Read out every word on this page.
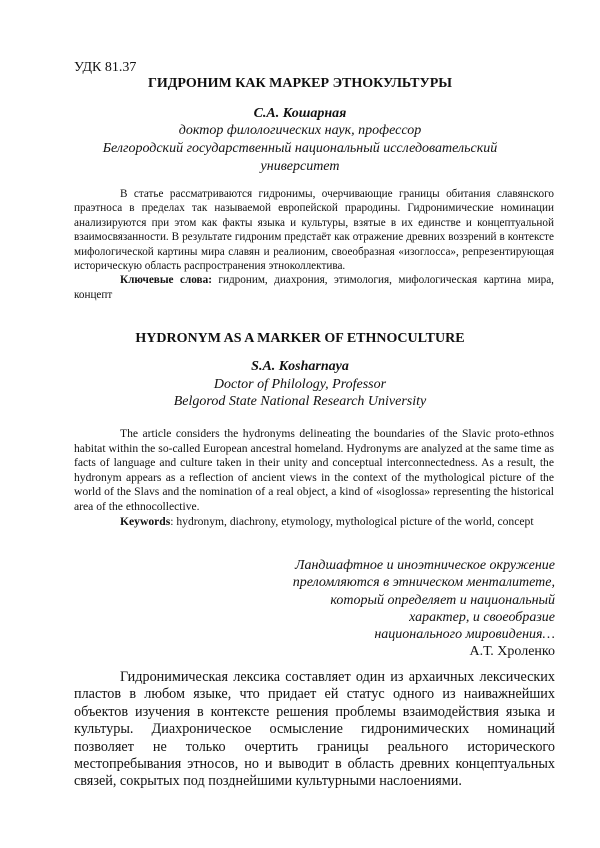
УДК 81.37
ГИДРОНИМ КАК МАРКЕР ЭТНОКУЛЬТУРЫ
С.А. Кошарная
доктор филологических наук, профессор
Белгородский государственный национальный исследовательский
университет

В статье рассматриваются гидронимы, очерчивающие границы обитания славянского праэтноса в пределах так называемой европейской прародины. Гидронимические номинации анализируются при этом как факты языка и культуры, взятые в их единстве и концептуальной взаимосвязанности. В результате гидроним предстаёт как отражение древних воззрений в контексте мифологической картины мира славян и реалионим, своеобразная «изоглосса», репрезентирующая историческую область распространения этноколлектива.

Ключевые слова: гидроним, диахрония, этимология, мифологическая картина мира, концепт

HYDRONYM AS A MARKER OF ETHNOCULTURE
S.A. Kosharnaya
Doctor of Philology, Professor
Belgorod State National Research University

The article considers the hydronyms delineating the boundaries of the Slavic proto-ethnos habitat within the so-called European ancestral homeland. Hydronyms are analyzed at the same time as facts of language and culture taken in their unity and conceptual interconnectedness. As a result, the hydronym appears as a reflection of ancient views in the context of the mythological picture of the world of the Slavs and the nomination of a real object, a kind of «isoglossa» representing the historical area of the ethnocollective.

Keywords: hydronym, diachrony, etymology, mythological picture of the world, concept

Ландшафтное и иноэтническое окружение
преломляются в этническом менталитете,
который определяет и национальный
характер, и своеобразие
национального мировидения…
А.Т. Хроленко

Гидронимическая лексика составляет один из архаичных лексических пластов в любом языке, что придает ей статус одного из наиважнейших объектов изучения в контексте решения проблемы взаимодействия языка и культуры. Диахроническое осмысление гидронимических номинаций позволяет не только очертить границы реального исторического местопребывания этносов, но и выводит в область древних концептуальных связей, сокрытых под позднейшими культурными наслоениями.
